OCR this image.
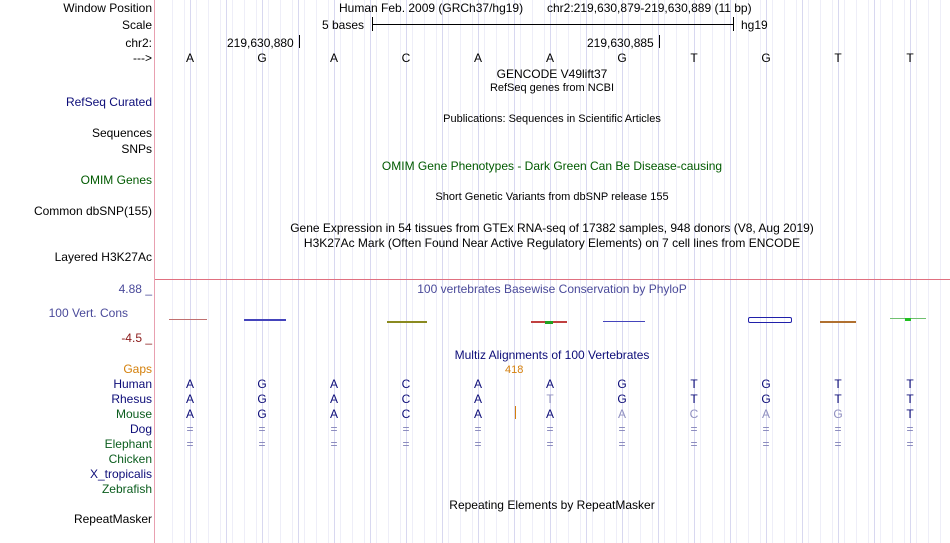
Window Position	Human Feb. 2009 (GRCh37/hg19) chr2:219,630,879-219,630,889 (11 bp)
Scale	5 bases	hg19
chr2:	219,630,880	219,630,885
--->	A	G	A	C	A	A	G	T	G	T	T
GENCODE V49lift37
RefSeq genes from NCBI
RefSeq Curated
Publications: Sequences in Scientific Articles
Sequences
SNPs
OMIM Gene Phenotypes - Dark Green Can Be Disease-causing
OMIM Genes
Short Genetic Variants from dbSNP release 155
Common dbSNP(155)
Gene Expression in 54 tissues from GTEx RNA-seq of 17382 samples, 948 donors (V8, Aug 2019)
H3K27Ac Mark (Often Found Near Active Regulatory Elements) on 7 cell lines from ENCODE
Layered H3K27Ac
100 vertebrates Basewise Conservation by PhyloP
4.88 _
100 Vert. Cons
-4.5 _
Multiz Alignments of 100 Vertebrates
Gaps	418
Human	A	G	A	C	A	A	G	T	G	T	T
Rhesus	A	G	A	C	A	T	G	T	G	T	T
Mouse	A	G	A	C	A	A	A	C	A	G	T
Dog	=	=	=	=	=	=	=	=	=	=	=
Elephant	=	=	=	=	=	=	=	=	=	=	=
Chicken
X_tropicalis
Zebrafish
Repeating Elements by RepeatMasker
RepeatMasker
